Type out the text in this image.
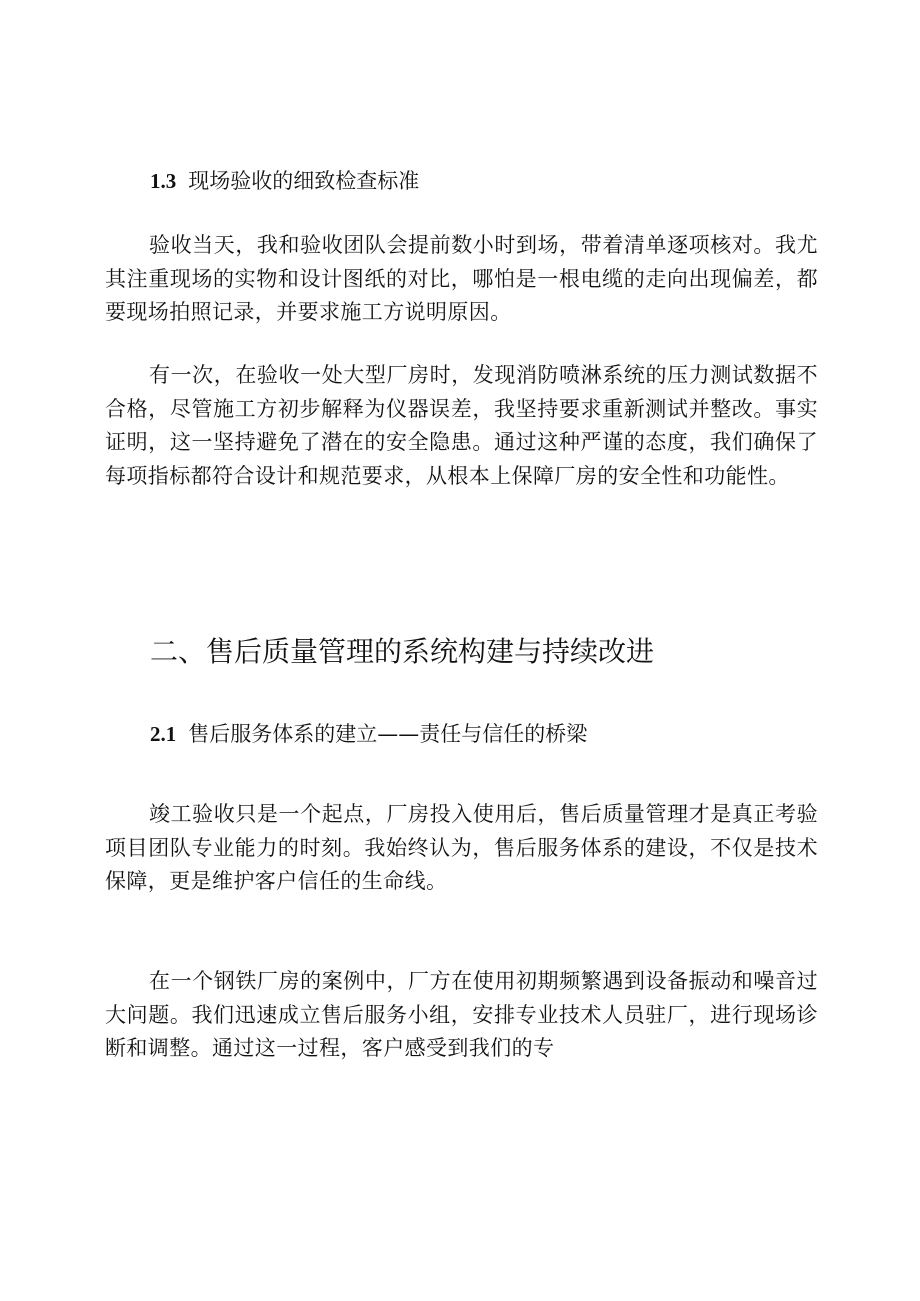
1.3 现场验收的细致检查标准

验收当天，我和验收团队会提前数小时到场，带着清单逐项核对。我尤其注重现场的实物和设计图纸的对比，哪怕是一根电缆的走向出现偏差，都要现场拍照记录，并要求施工方说明原因。

有一次，在验收一处大型厂房时，发现消防喷淋系统的压力测试数据不合格，尽管施工方初步解释为仪器误差，我坚持要求重新测试并整改。事实证明，这一坚持避免了潜在的安全隐患。通过这种严谨的态度，我们确保了每项指标都符合设计和规范要求，从根本上保障厂房的安全性和功能性。

二、售后质量管理的系统构建与持续改进
2.1 售后服务体系的建立——责任与信任的桥梁

竣工验收只是一个起点，厂房投入使用后，售后质量管理才是真正考验项目团队专业能力的时刻。我始终认为，售后服务体系的建设，不仅是技术保障，更是维护客户信任的生命线。

在一个钢铁厂房的案例中，厂方在使用初期频繁遇到设备振动和噪音过大问题。我们迅速成立售后服务小组，安排专业技术人员驻厂，进行现场诊断和调整。通过这一过程，客户感受到我们的专
